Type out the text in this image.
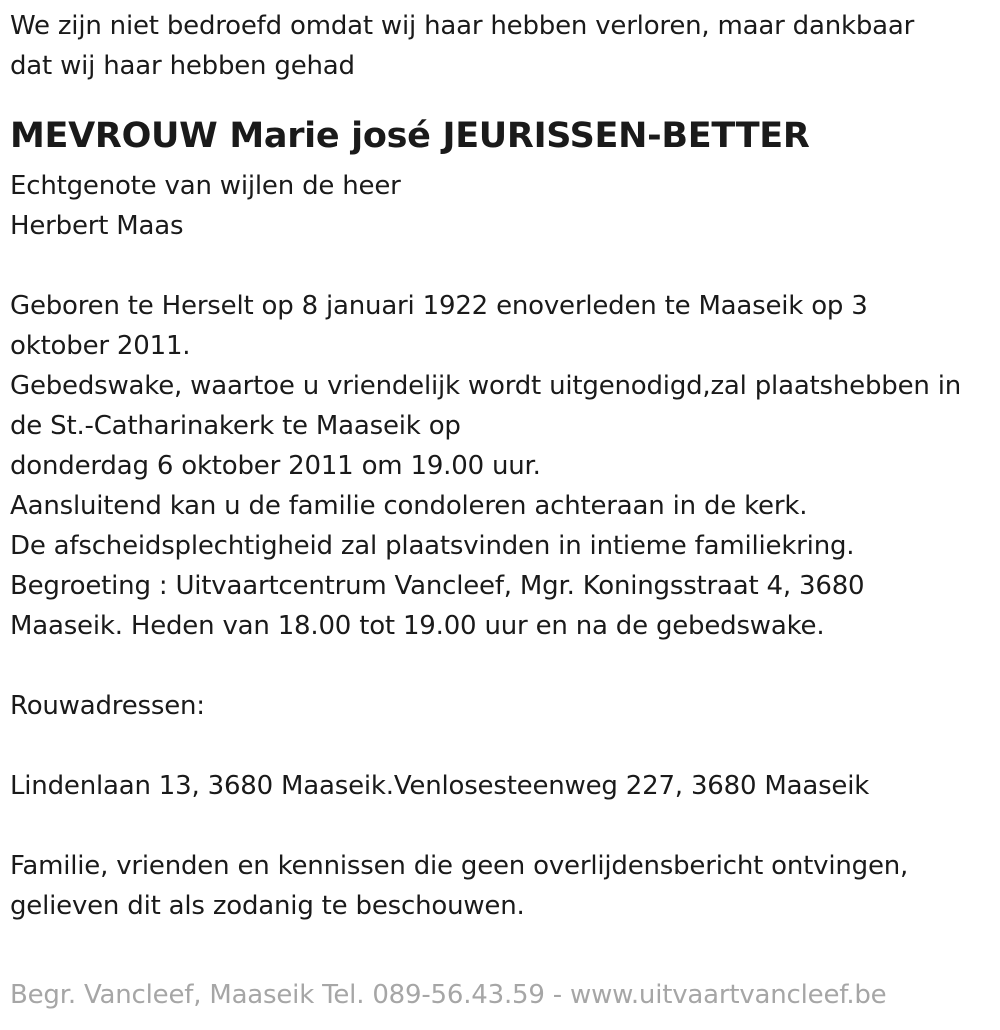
We zijn niet bedroefd omdat wij haar hebben verloren, maar dankbaar
dat wij haar hebben gehad
MEVROUW Marie josé JEURISSEN-BETTER
Echtgenote van wijlen de heer
Herbert Maas
Geboren te Herselt op 8 januari 1922 enoverleden te Maaseik op 3
oktober 2011.
Gebedswake, waartoe u vriendelijk wordt uitgenodigd,zal plaatshebben in
de St.-Catharinakerk te Maaseik op
donderdag 6 oktober 2011 om 19.00 uur.
Aansluitend kan u de familie condoleren achteraan in de kerk.
De afscheidsplechtigheid zal plaatsvinden in intieme familiekring.
Begroeting : Uitvaartcentrum Vancleef, Mgr. Koningsstraat 4, 3680
Maaseik. Heden van 18.00 tot 19.00 uur en na de gebedswake.
Rouwadressen:
Lindenlaan 13, 3680 Maaseik.Venlosesteenweg 227, 3680 Maaseik
Familie, vrienden en kennissen die geen overlijdensbericht ontvingen,
gelieven dit als zodanig te beschouwen.
Begr. Vancleef, Maaseik Tel. 089-56.43.59 - www.uitvaartvancleef.be
